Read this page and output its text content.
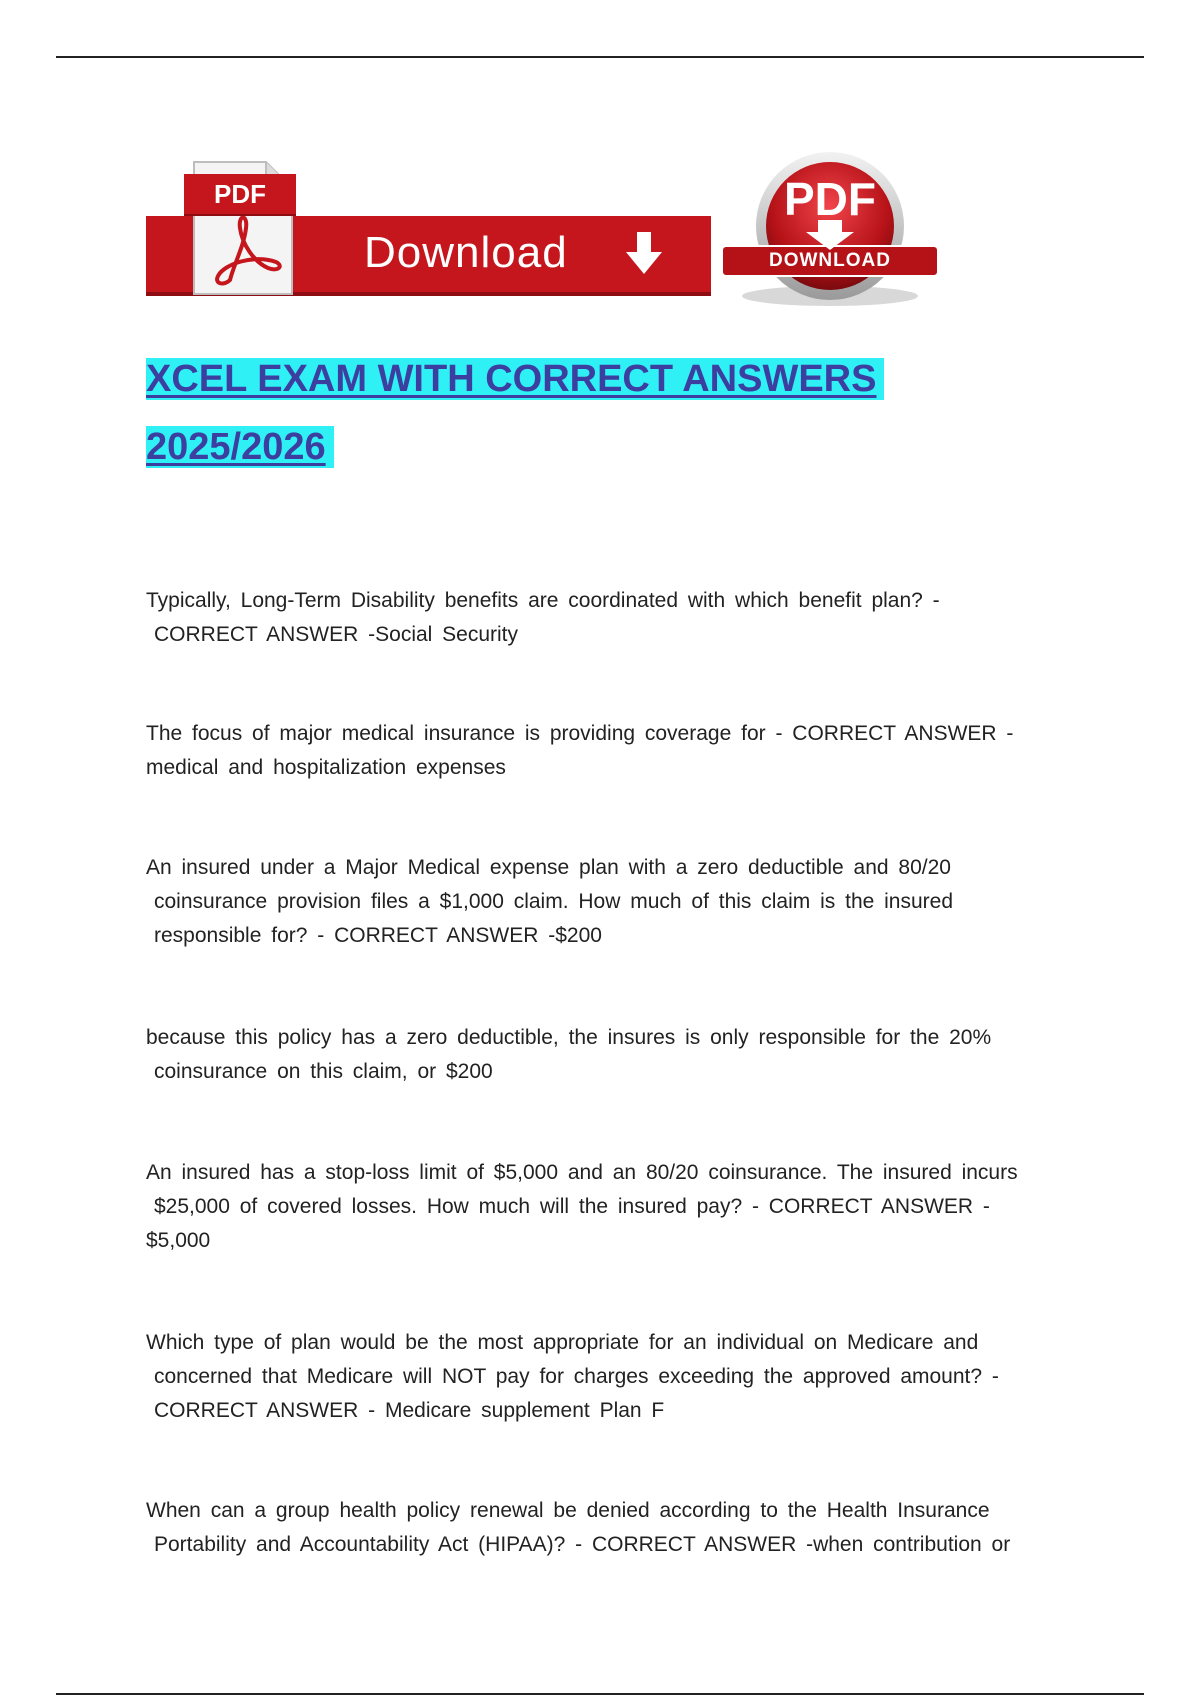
PDF
Download
PDF
DOWNLOAD
XCEL EXAM WITH CORRECT ANSWERS
2025/2026
Typically, Long-Term Disability benefits are coordinated with which benefit plan? -
CORRECT ANSWER -Social Security
The focus of major medical insurance is providing coverage for - CORRECT ANSWER -
medical and hospitalization expenses
An insured under a Major Medical expense plan with a zero deductible and 80/20
coinsurance provision files a $1,000 claim. How much of this claim is the insured
responsible for? - CORRECT ANSWER -$200
because this policy has a zero deductible, the insures is only responsible for the 20%
coinsurance on this claim, or $200
An insured has a stop-loss limit of $5,000 and an 80/20 coinsurance. The insured incurs
$25,000 of covered losses. How much will the insured pay? - CORRECT ANSWER -
$5,000
Which type of plan would be the most appropriate for an individual on Medicare and
concerned that Medicare will NOT pay for charges exceeding the approved amount? -
CORRECT ANSWER - Medicare supplement Plan F
When can a group health policy renewal be denied according to the Health Insurance
Portability and Accountability Act (HIPAA)? - CORRECT ANSWER -when contribution or
